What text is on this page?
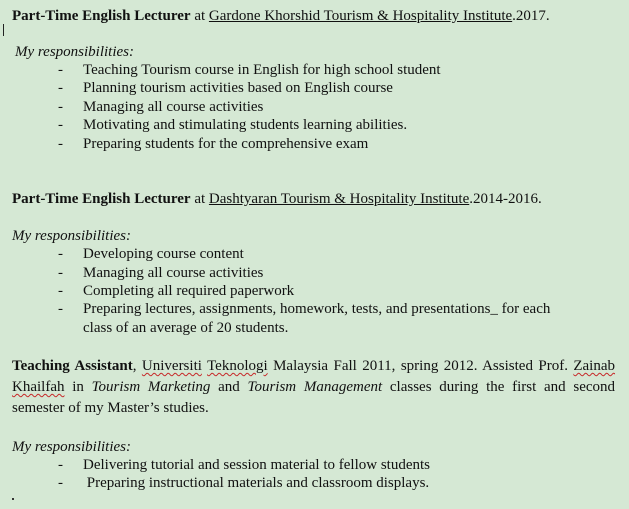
Part-Time English Lecturer at Gardone Khorshid Tourism & Hospitality Institute.2017.
My responsibilities:
- Teaching Tourism course in English for high school student
- Planning tourism activities based on English course
- Managing all course activities
- Motivating and stimulating students learning abilities.
- Preparing students for the comprehensive exam
Part-Time English Lecturer at Dashtyaran Tourism & Hospitality Institute.2014-2016.
My responsibilities:
- Developing course content
- Managing all course activities
- Completing all required paperwork
- Preparing lectures, assignments, homework, tests, and presentations_ for each
class of an average of 20 students.
Teaching Assistant, Universiti Teknologi Malaysia Fall 2011, spring 2012. Assisted Prof. Zainab Khailfah in Tourism Marketing and Tourism Management classes during the first and second semester of my Master’s studies.
My responsibilities:
- Delivering tutorial and session material to fellow students
- Preparing instructional materials and classroom displays.
